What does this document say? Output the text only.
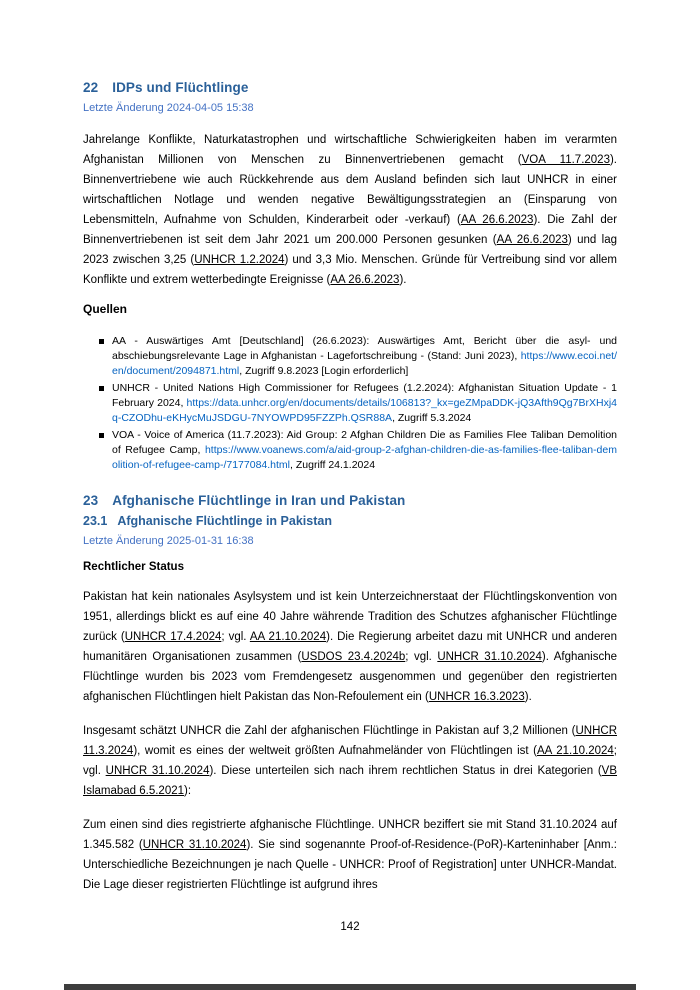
22 IDPs und Flüchtlinge
Letzte Änderung 2024-04-05 15:38

Jahrelange Konflikte, Naturkatastrophen und wirtschaftliche Schwierigkeiten haben im verarmten Afghanistan Millionen von Menschen zu Binnenvertriebenen gemacht (VOA 11.7.2023). Binnenvertriebene wie auch Rückkehrende aus dem Ausland befinden sich laut UNHCR in einer wirtschaftlichen Notlage und wenden negative Bewältigungsstrategien an (Einsparung von Lebensmitteln, Aufnahme von Schulden, Kinderarbeit oder -verkauf) (AA 26.6.2023). Die Zahl der Binnenvertriebenen ist seit dem Jahr 2021 um 200.000 Personen gesunken (AA 26.6.2023) und lag 2023 zwischen 3,25 (UNHCR 1.2.2024) und 3,3 Mio. Menschen. Gründe für Vertreibung sind vor allem Konflikte und extrem wetterbedingte Ereignisse (AA 26.6.2023).

Quellen
AA - Auswärtiges Amt [Deutschland] (26.6.2023): Auswärtiges Amt, Bericht über die asyl- und abschiebungsrelevante Lage in Afghanistan - Lagefortschreibung - (Stand: Juni 2023), https://www.ecoi.net/en/document/2094871.html, Zugriff 9.8.2023 [Login erforderlich]
UNHCR - United Nations High Commissioner for Refugees (1.2.2024): Afghanistan Situation Update - 1 February 2024, https://data.unhcr.org/en/documents/details/106813?_kx=geZMpaDDK-jQ3Afth9Qg7BrXHxj4q-CZODhu-eKHycMuJSDGU-7NYOWPD95FZZPh.QSR88A, Zugriff 5.3.2024
VOA - Voice of America (11.7.2023): Aid Group: 2 Afghan Children Die as Families Flee Taliban Demolition of Refugee Camp, https://www.voanews.com/a/aid-group-2-afghan-children-die-as-families-flee-taliban-demolition-of-refugee-camp-/7177084.html, Zugriff 24.1.2024
23 Afghanische Flüchtlinge in Iran und Pakistan
23.1 Afghanische Flüchtlinge in Pakistan
Letzte Änderung 2025-01-31 16:38
Rechtlicher Status

Pakistan hat kein nationales Asylsystem und ist kein Unterzeichnerstaat der Flüchtlingskonvention von 1951, allerdings blickt es auf eine 40 Jahre währende Tradition des Schutzes afghanischer Flüchtlinge zurück (UNHCR 17.4.2024; vgl. AA 21.10.2024). Die Regierung arbeitet dazu mit UNHCR und anderen humanitären Organisationen zusammen (USDOS 23.4.2024b; vgl. UNHCR 31.10.2024). Afghanische Flüchtlinge wurden bis 2023 vom Fremdengesetz ausgenommen und gegenüber den registrierten afghanischen Flüchtlingen hielt Pakistan das Non-Refoulement ein (UNHCR 16.3.2023).

Insgesamt schätzt UNHCR die Zahl der afghanischen Flüchtlinge in Pakistan auf 3,2 Millionen (UNHCR 11.3.2024), womit es eines der weltweit größten Aufnahmeländer von Flüchtlingen ist (AA 21.10.2024; vgl. UNHCR 31.10.2024). Diese unterteilen sich nach ihrem rechtlichen Status in drei Kategorien (VB Islamabad 6.5.2021):

Zum einen sind dies registrierte afghanische Flüchtlinge. UNHCR beziffert sie mit Stand 31.10.2024 auf 1.345.582 (UNHCR 31.10.2024). Sie sind sogenannte Proof-of-Residence-(PoR)-Karteninhaber [Anm.: Unterschiedliche Bezeichnungen je nach Quelle - UNHCR: Proof of Registration] unter UNHCR-Mandat. Die Lage dieser registrierten Flüchtlinge ist aufgrund ihres

142
